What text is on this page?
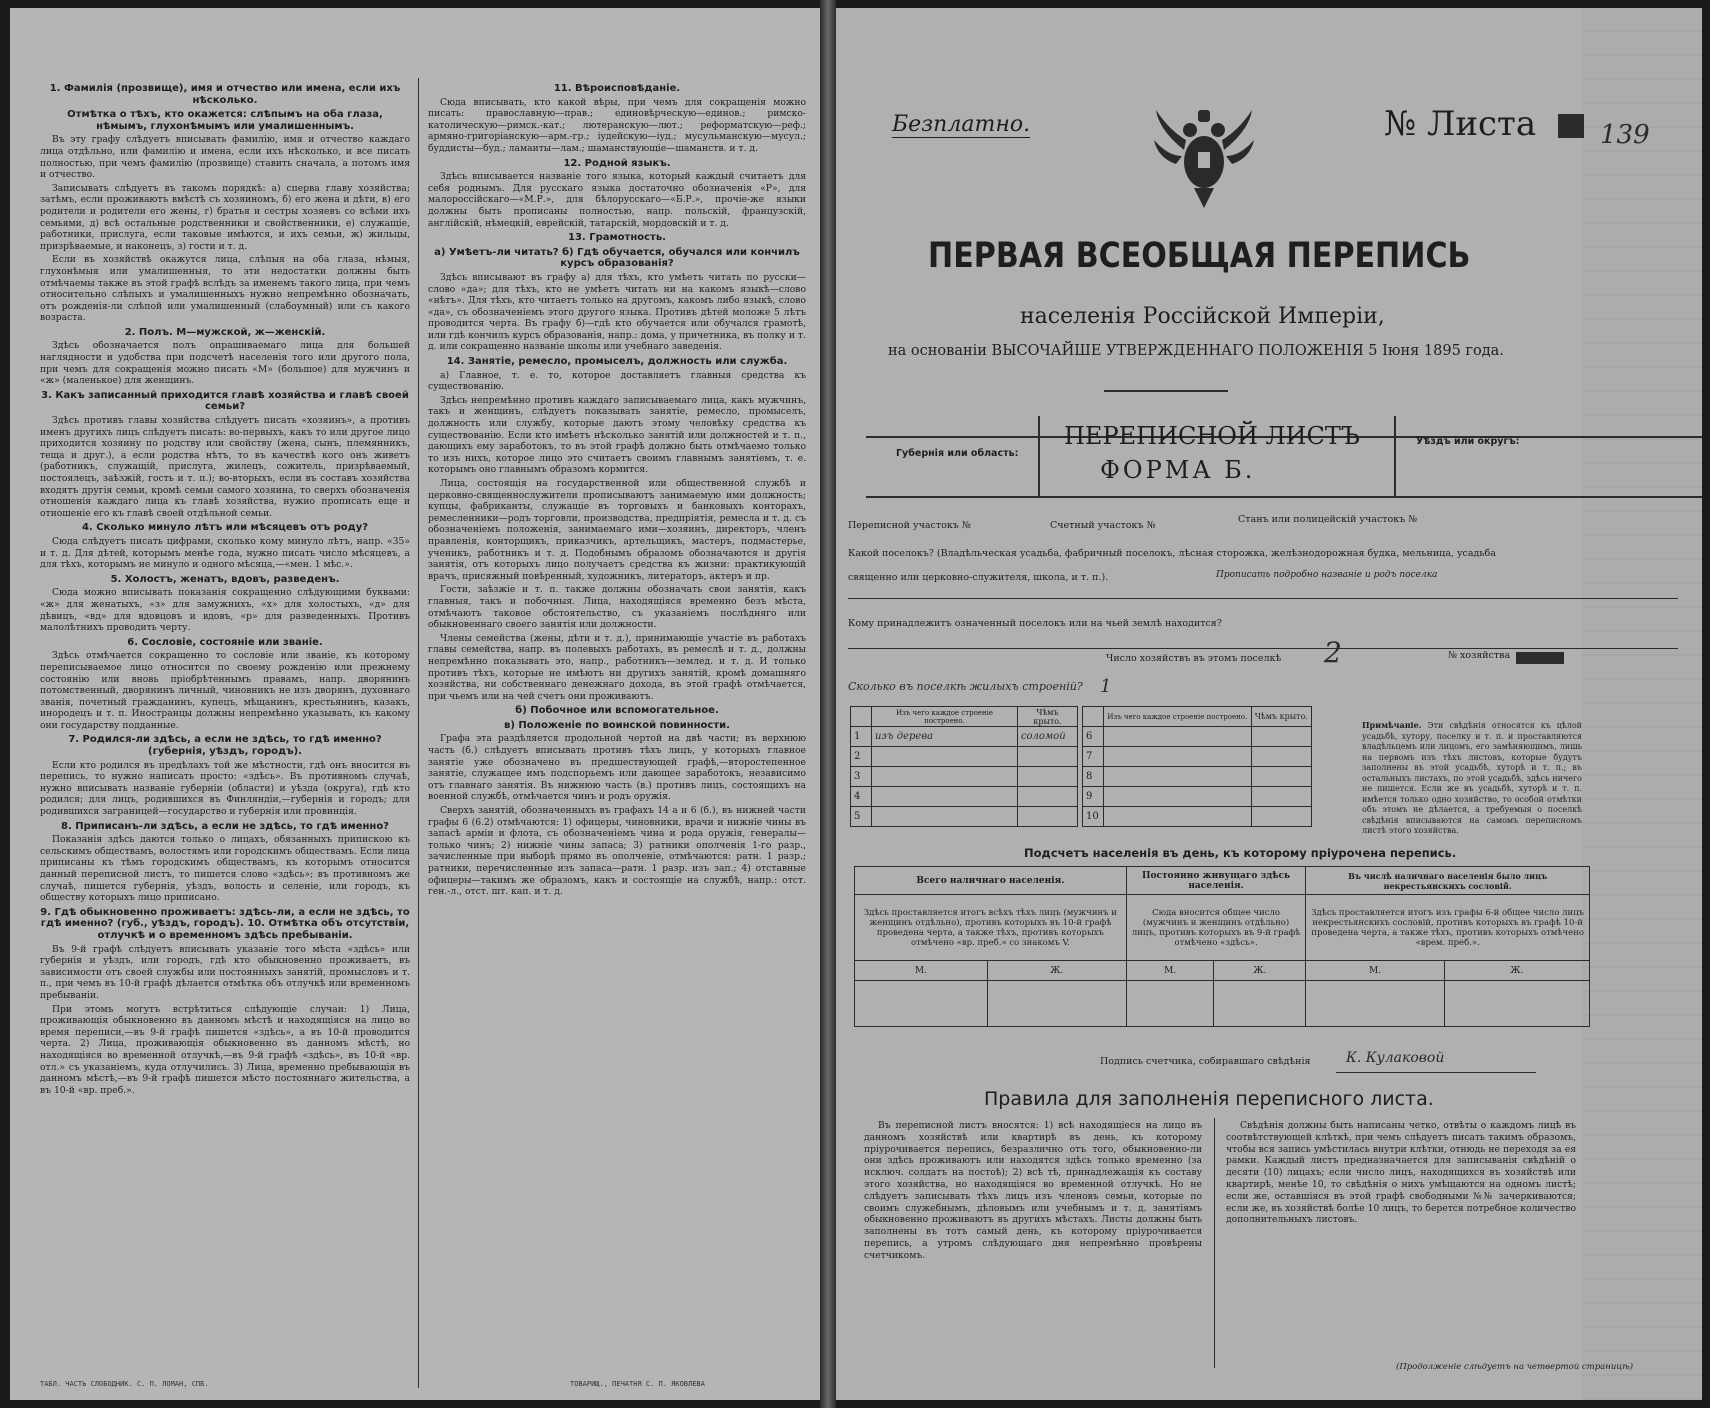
1. Фамилія (прозвище), имя и отчество или имена, если ихъ нѣсколько.
Отмѣтка о тѣхъ, кто окажется: слѣпымъ на оба глаза, нѣмымъ, глухонѣмымъ или умалишеннымъ.

Въ эту графу слѣдуетъ вписывать фамилію, имя и отчество каждаго лица отдѣльно, или фамилію и имена, если ихъ нѣсколько, и все писать полностью, при чемъ фамилію (прозвище) ставить сначала, а потомъ имя и отчество.

Записывать слѣдуетъ въ такомъ порядкѣ: а) сперва главу хозяйства; затѣмъ, если проживаютъ вмѣстѣ съ хозяиномъ, б) его жена и дѣти, в) его родители и родители его жены, г) братья и сестры хозяевъ со всѣми ихъ семьями, д) всѣ остальные родственники и свойственники, е) служащіе, работники, прислуга, если таковые имѣются, и ихъ семьи, ж) жильцы, призрѣваемые, и наконецъ, з) гости и т. д.

Если въ хозяйствѣ окажутся лица, слѣпыя на оба глаза, нѣмыя, глухонѣмыя или умалишенныя, то эти недостатки должны быть отмѣчаемы также въ этой графѣ вслѣдъ за именемъ такого лица, при чемъ относительно слѣпыхъ и умалишенныхъ нужно непремѣнно обозначать, отъ рожденія-ли слѣпой или умалишенный (слабоумный) или съ какого возраста.

2. Полъ. М—мужской, ж—женскій.

Здѣсь обозначается полъ опрашиваемаго лица для большей наглядности и удобства при подсчетѣ населенія того или другого пола, при чемъ для сокращенія можно писать «М» (большое) для мужчинъ и «ж» (маленькое) для женщинъ.

3. Какъ записанный приходится главѣ хозяйства и главѣ своей семьи?

Здѣсь противъ главы хозяйства слѣдуетъ писать «хозяинъ», а противъ именъ другихъ лицъ слѣдуетъ писать: во-первыхъ, какъ то или другое лицо приходится хозяину по родству или свойству (жена, сынъ, племянникъ, теща и друг.), а если родства нѣтъ, то въ качествѣ кого онъ живетъ (работникъ, служащій, прислуга, жилецъ, сожитель, призрѣваемый, постоялецъ, заѣзжій, гость и т. п.); во-вторыхъ, если въ составъ хозяйства входятъ другія семьи, кромѣ семьи самого хозяина, то сверхъ обозначенія отношенія каждаго лица къ главѣ хозяйства, нужно прописать еще и отношеніе его къ главѣ своей отдѣльной семьи.

4. Сколько минуло лѣтъ или мѣсяцевъ отъ роду?

Сюда слѣдуетъ писать цифрами, сколько кому минуло лѣтъ, напр. «35» и т. д. Для дѣтей, которымъ менѣе года, нужно писать число мѣсяцевъ, а для тѣхъ, которымъ не минуло и одного мѣсяца,—«мен. 1 мѣс.».

5. Холостъ, женатъ, вдовъ, разведенъ.

Сюда можно вписывать показанія сокращенно слѣдующими буквами: «ж» для женатыхъ, «з» для замужнихъ, «х» для холостыхъ, «д» для дѣвицъ, «вд» для вдовцовъ и вдовъ, «р» для разведенныхъ. Противъ малолѣтнихъ проводить черту.

6. Сословіе, состояніе или званіе.

Здѣсь отмѣчается сокращенно то сословіе или званіе, къ которому переписываемое лицо относится по своему рожденію или прежнему состоянію или вновь пріобрѣтеннымъ правамъ, напр. дворянинъ потомственный, дворянинъ личный, чиновникъ не изъ дворянъ, духовнаго званія, почетный гражданинъ, купецъ, мѣщанинъ, крестьянинъ, казакъ, инородецъ и т. п. Иностранцы должны непремѣнно указывать, къ какому они государству подданные.

7. Родился-ли здѣсь, а если не здѣсь, то гдѣ именно? (губернія, уѣздъ, городъ).

Если кто родился въ предѣлахъ той же мѣстности, гдѣ онъ вносится въ перепись, то нужно написать просто: «здѣсь». Въ противномъ случаѣ, нужно вписывать названіе губерніи (области) и уѣзда (округа), гдѣ кто родился; для лицъ, родившихся въ Финляндіи,—губернія и городъ; для родившихся заграницей—государство и губернія или провинція.

8. Приписанъ-ли здѣсь, а если не здѣсь, то гдѣ именно?

Показанія здѣсь даются только о лицахъ, обязанныхъ припискою къ сельскимъ обществамъ, волостямъ или городскимъ обществамъ. Если лица приписаны къ тѣмъ городскимъ обществамъ, къ которымъ относится данный переписной листъ, то пишется слово «здѣсь»; въ противномъ же случаѣ, пишется губернія, уѣздъ, волость и селеніе, или городъ, къ обществу которыхъ лицо приписано.

9. Гдѣ обыкновенно проживаетъ: здѣсь-ли, а если не здѣсь, то гдѣ именно? (губ., уѣздъ, городъ). 10. Отмѣтка объ отсутствіи, отлучкѣ и о временномъ здѣсь пребываніи.

Въ 9-й графѣ слѣдуетъ вписывать указаніе того мѣста «здѣсь» или губернія и уѣздъ, или городъ, гдѣ кто обыкновенно проживаетъ, въ зависимости отъ своей службы или постоянныхъ занятій, промысловъ и т. п., при чемъ въ 10-й графѣ дѣлается отмѣтка объ отлучкѣ или временномъ пребываніи.

При этомъ могутъ встрѣтиться слѣдующіе случаи: 1) Лица, проживающія обыкновенно въ данномъ мѣстѣ и находящіяся на лицо во время переписи,—въ 9-й графѣ пишется «здѣсь», а въ 10-й проводится черта. 2) Лица, проживающія обыкновенно въ данномъ мѣстѣ, но находящіяся во временной отлучкѣ,—въ 9-й графѣ «здѣсь», въ 10-й «вр. отл.» съ указаніемъ, куда отлучились. 3) Лица, временно пребывающія въ данномъ мѣстѣ,—въ 9-й графѣ пишется мѣсто постояннаго жительства, а въ 10-й «вр. преб.».

11. Вѣроисповѣданіе.

Сюда вписывать, кто какой вѣры, при чемъ для сокращенія можно писать: православную—прав.; единовѣрческую—единов.; римско-католическую—римск.-кат.; лютеранскую—лют.; реформатскую—реф.; армяно-григоріанскую—арм.-гр.; іудейскую—іуд.; мусульманскую—мусул.; буддисты—буд.; ламаиты—лам.; шаманствующіе—шаманств. и т. д.

12. Родной языкъ.

Здѣсь вписывается названіе того языка, который каждый считаетъ для себя роднымъ. Для русскаго языка достаточно обозначенія «Р», для малороссійскаго—«М.Р.», для бѣлорусскаго—«Б.Р.», прочіе-же языки должны быть прописаны полностью, напр. польскій, французскій, англійскій, нѣмецкій, еврейскій, татарскій, мордовскій и т. д.

13. Грамотность.
а) Умѣетъ-ли читать? б) Гдѣ обучается, обучался или кончилъ курсъ образованія?

Здѣсь вписывают въ графу а) для тѣхъ, кто умѣетъ читать по русски—слово «да»; для тѣхъ, кто не умѣетъ читать ни на какомъ языкѣ—слово «нѣтъ». Для тѣхъ, кто читаетъ только на другомъ, какомъ либо языкѣ, слово «да», съ обозначеніемъ этого другого языка. Противъ дѣтей моложе 5 лѣтъ проводится черта. Въ графу б)—гдѣ кто обучается или обучался грамотѣ, или гдѣ кончилъ курсъ образованія, напр.: дома, у причетника, въ полку и т. д. или сокращенно названіе школы или учебнаго заведенія.

14. Занятіе, ремесло, промыселъ, должность или служба.

а) Главное, т. е. то, которое доставляетъ главныя средства къ существованію.

Здѣсь непремѣнно противъ каждаго записываемаго лица, какъ мужчинъ, такъ и женщинъ, слѣдуетъ показывать занятіе, ремесло, промыселъ, должность или службу, которые даютъ этому человѣку средства къ существованію. Если кто имѣетъ нѣсколько занятій или должностей и т. п., дающихъ ему заработокъ, то въ этой графѣ должно быть отмѣчаемо только то изъ нихъ, которое лицо это считаетъ своимъ главнымъ занятіемъ, т. е. которымъ оно главнымъ образомъ кормится.

Лица, состоящія на государственной или общественной службѣ и церковно-священнослужители прописываютъ занимаемую ими должность; купцы, фабриканты, служащіе въ торговыхъ и банковыхъ конторахъ, ремесленники—родъ торговли, производства, предпріятія, ремесла и т. д. съ обозначеніемъ положенія, занимаемаго ими—хозяинъ, директоръ, членъ правленія, конторщикъ, приказчикъ, артельщикъ, мастеръ, подмастерье, ученикъ, работникъ и т. д. Подобнымъ образомъ обозначаются и другія занятія, отъ которыхъ лицо получаетъ средства къ жизни: практикующій врачъ, присяжный повѣренный, художникъ, литераторъ, актеръ и пр.

Гости, заѣзжіе и т. п. также должны обозначать свои занятія, какъ главныя, такъ и побочныя. Лица, находящіяся временно безъ мѣста, отмѣчаютъ таковое обстоятельство, съ указаніемъ послѣдняго или обыкновеннаго своего занятія или должности.

Члены семейства (жены, дѣти и т. д.), принимающіе участіе въ работахъ главы семейства, напр. въ полевыхъ работахъ, въ ремеслѣ и т. д., должны непремѣнно показывать это, напр., работникъ—землед. и т. д. И только противъ тѣхъ, которые не имѣютъ ни другихъ занятій, кромѣ домашняго хозяйства, ни собственнаго денежнаго дохода, въ этой графѣ отмѣчается, при чьемъ или на чей счетъ они проживаютъ.

б) Побочное или вспомогательное.
в) Положеніе по воинской повинности.

Графа эта раздѣляется продольной чертой на двѣ части; въ верхнюю часть (б.) слѣдуетъ вписывать противъ тѣхъ лицъ, у которыхъ главное занятіе уже обозначено въ предшествующей графѣ,—второстепенное занятіе, служащее имъ подспорьемъ или дающее заработокъ, независимо отъ главнаго занятія. Въ нижнюю часть (в.) противъ лицъ, состоящихъ на военной службѣ, отмѣчается чинъ и родъ оружія.

Сверхъ занятій, обозначенныхъ въ графахъ 14 а и 6 (б.), въ нижней части графы 6 (6.2) отмѣчаются: 1) офицеры, чиновники, врачи и нижніе чины въ запасѣ арміи и флота, съ обозначеніемъ чина и рода оружія, генералы—только чинъ; 2) нижніе чины запаса; 3) ратники ополченія 1-го разр., зачисленные при выборѣ прямо въ ополченіе, отмѣчаются: ратн. 1 разр.; ратники, перечисленные изъ запаса—ратн. 1 разр. изъ зап.; 4) отставные офицеры—такимъ же образомъ, какъ и состоящіе на службѣ, напр.: отст. ген.-л., отст. шт. кап. и т. д.

ТАБЛ. ЧАСТЬ СЛОБОДНИК. С. П. ЛОМАН, СПБ.	ТОВАРИЩ., ПЕЧАТНЯ С. П. ЯКОВЛЕВА
Безплатно.	№ Листа 139
ПЕРВАЯ ВСЕОБЩАЯ ПЕРЕПИСЬ
населенія Россійской Имперіи,
на основаніи ВЫСОЧАЙШЕ УТВЕРЖДЕННАГО ПОЛОЖЕНІЯ 5 Іюня 1895 года.
Губернія или область:
ПЕРЕПИСНОЙ ЛИСТЪ
ФОРМА Б.
Уѣздъ или округъ:
Переписной участокъ №	Счетный участокъ №
Станъ или полицейскій участокъ №
Какой поселокъ? (Владѣльческая усадьба, фабричный поселокъ, лѣсная сторожка, желѣзнодорожная будка, мельница, усадьба священно или церковно-служителя, школа, и т. п.).	Прописать подробно названіе и родъ поселка
Кому принадлежитъ означенный поселокъ или на чьей землѣ находится?
Число хозяйствъ въ этомъ поселкѣ 2	№ хозяйства
Сколько въ поселкѣ жилыхъ строеній? 1
	Изъ чего каждое строеніе построено.	Чѣмъ крыто.
1	изъ дерева	соломой
2		
3		
4		
5		
	Изъ чего каждое строеніе построено.	Чѣмъ крыто.
6		
7		
8		
9		
10		
Примѣчаніе. Эти свѣдѣнія относятся къ цѣлой усадьбѣ, хутору, поселку и т. п. и проставляются владѣльцемъ или лицомъ, его замѣняющимъ, лишь на первомъ изъ тѣхъ листовъ, которые будутъ заполнены въ этой усадьбѣ, хуторѣ и т. п.; въ остальныхъ листахъ, по этой усадьбѣ, здѣсь ничего не пишется. Если же въ усадьбѣ, хуторѣ и т. п. имѣется только одно хозяйство, то особой отмѣтки объ этомъ не дѣлается, а требуемыя о поселкѣ свѣдѣнія вписываются на самомъ переписномъ листѣ этого хозяйства.
Подсчетъ населенія въ день, къ которому пріурочена перепись.
Всего наличнаго населенія.		Постоянно живущаго здѣсь населенія.		Въ числѣ наличнаго населенія было лицъ некрестьянскихъ сословій.	
Здѣсь проставляется итогъ всѣхъ тѣхъ лицъ (мужчинъ и женщинъ отдѣльно), противъ которыхъ въ 10-й графѣ проведена черта, а также тѣхъ, противъ которыхъ отмѣчено «вр. преб.» со знакомъ V.		Сюда вносится общее число (мужчинъ и женщинъ отдѣльно) лицъ, противъ которыхъ въ 9-й графѣ отмѣчено «здѣсь».		Здѣсь проставляется итогъ изъ графы 6-й общее число лицъ некрестьянскихъ сословій, противъ которыхъ въ графѣ 10-й проведена черта, а также тѣхъ, противъ которыхъ отмѣчено «врем. преб.».	
М.	Ж.	М.	Ж.	М.	Ж.

Подпись счетчика, собиравшаго свѣдѣнія	К. Кулаковой
Правила для заполненія переписного листа.

Въ переписной листъ вносятся: 1) всѣ находящіеся на лицо въ данномъ хозяйствѣ или квартирѣ въ день, къ которому пріурочивается перепись, безразлично отъ того, обыкновенно-ли они здѣсь проживаютъ или находятся здѣсь только временно (за исключ. солдатъ на постоѣ); 2) всѣ тѣ, принадлежащія къ составу этого хозяйства, но находящіяся во временной отлучкѣ. Но не слѣдуетъ записывать тѣхъ лицъ изъ членовъ семьи, которые по своимъ служебнымъ, дѣловымъ или учебнымъ и т. д. занятіямъ обыкновенно проживаютъ въ другихъ мѣстахъ. Листы должны быть заполнены въ тотъ самый день, къ которому пріурочивается перепись, а утромъ слѣдующаго дня непремѣнно провѣрены счетчикомъ.

Свѣдѣнія должны быть написаны четко, отвѣты о каждомъ лицѣ въ соотвѣтствующей клѣткѣ, при чемъ слѣдуетъ писать такимъ образомъ, чтобы вся запись умѣстилась внутри клѣтки, отнюдь не переходя за ея рамки. Каждый листъ предназначается для записыванія свѣдѣній о десяти (10) лицахъ; если число лицъ, находящихся въ хозяйствѣ или квартирѣ, менѣе 10, то свѣдѣнія о нихъ умѣщаются на одномъ листѣ; если же, оставшіяся въ этой графѣ свободными №№ зачеркиваются; если же, въ хозяйствѣ болѣе 10 лицъ, то берется потребное количество дополнительныхъ листовъ.

(Продолженіе слѣдуетъ на четвертой страницѣ)
